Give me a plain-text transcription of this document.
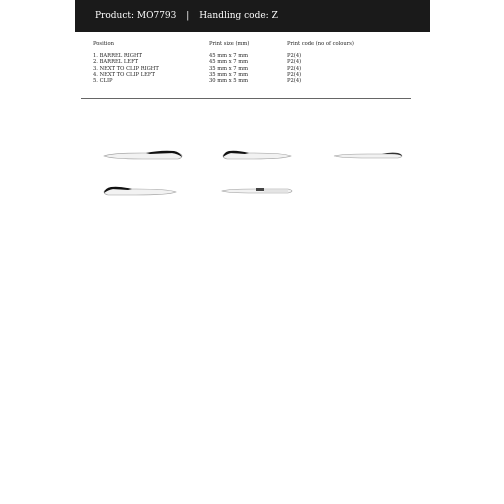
Product: MO7793 | Handling code: Z
Position	Print size (mm)	Print code (no of colours)
1. BARREL RIGHT	45 mm x 7 mm	P2(4)
2. BARREL LEFT	45 mm x 7 mm	P2(4)
3. NEXT TO CLIP RIGHT	35 mm x 7 mm	P2(4)
4. NEXT TO CLIP LEFT	35 mm x 7 mm	P2(4)
5. CLIP	30 mm x 5 mm	P2(4)
